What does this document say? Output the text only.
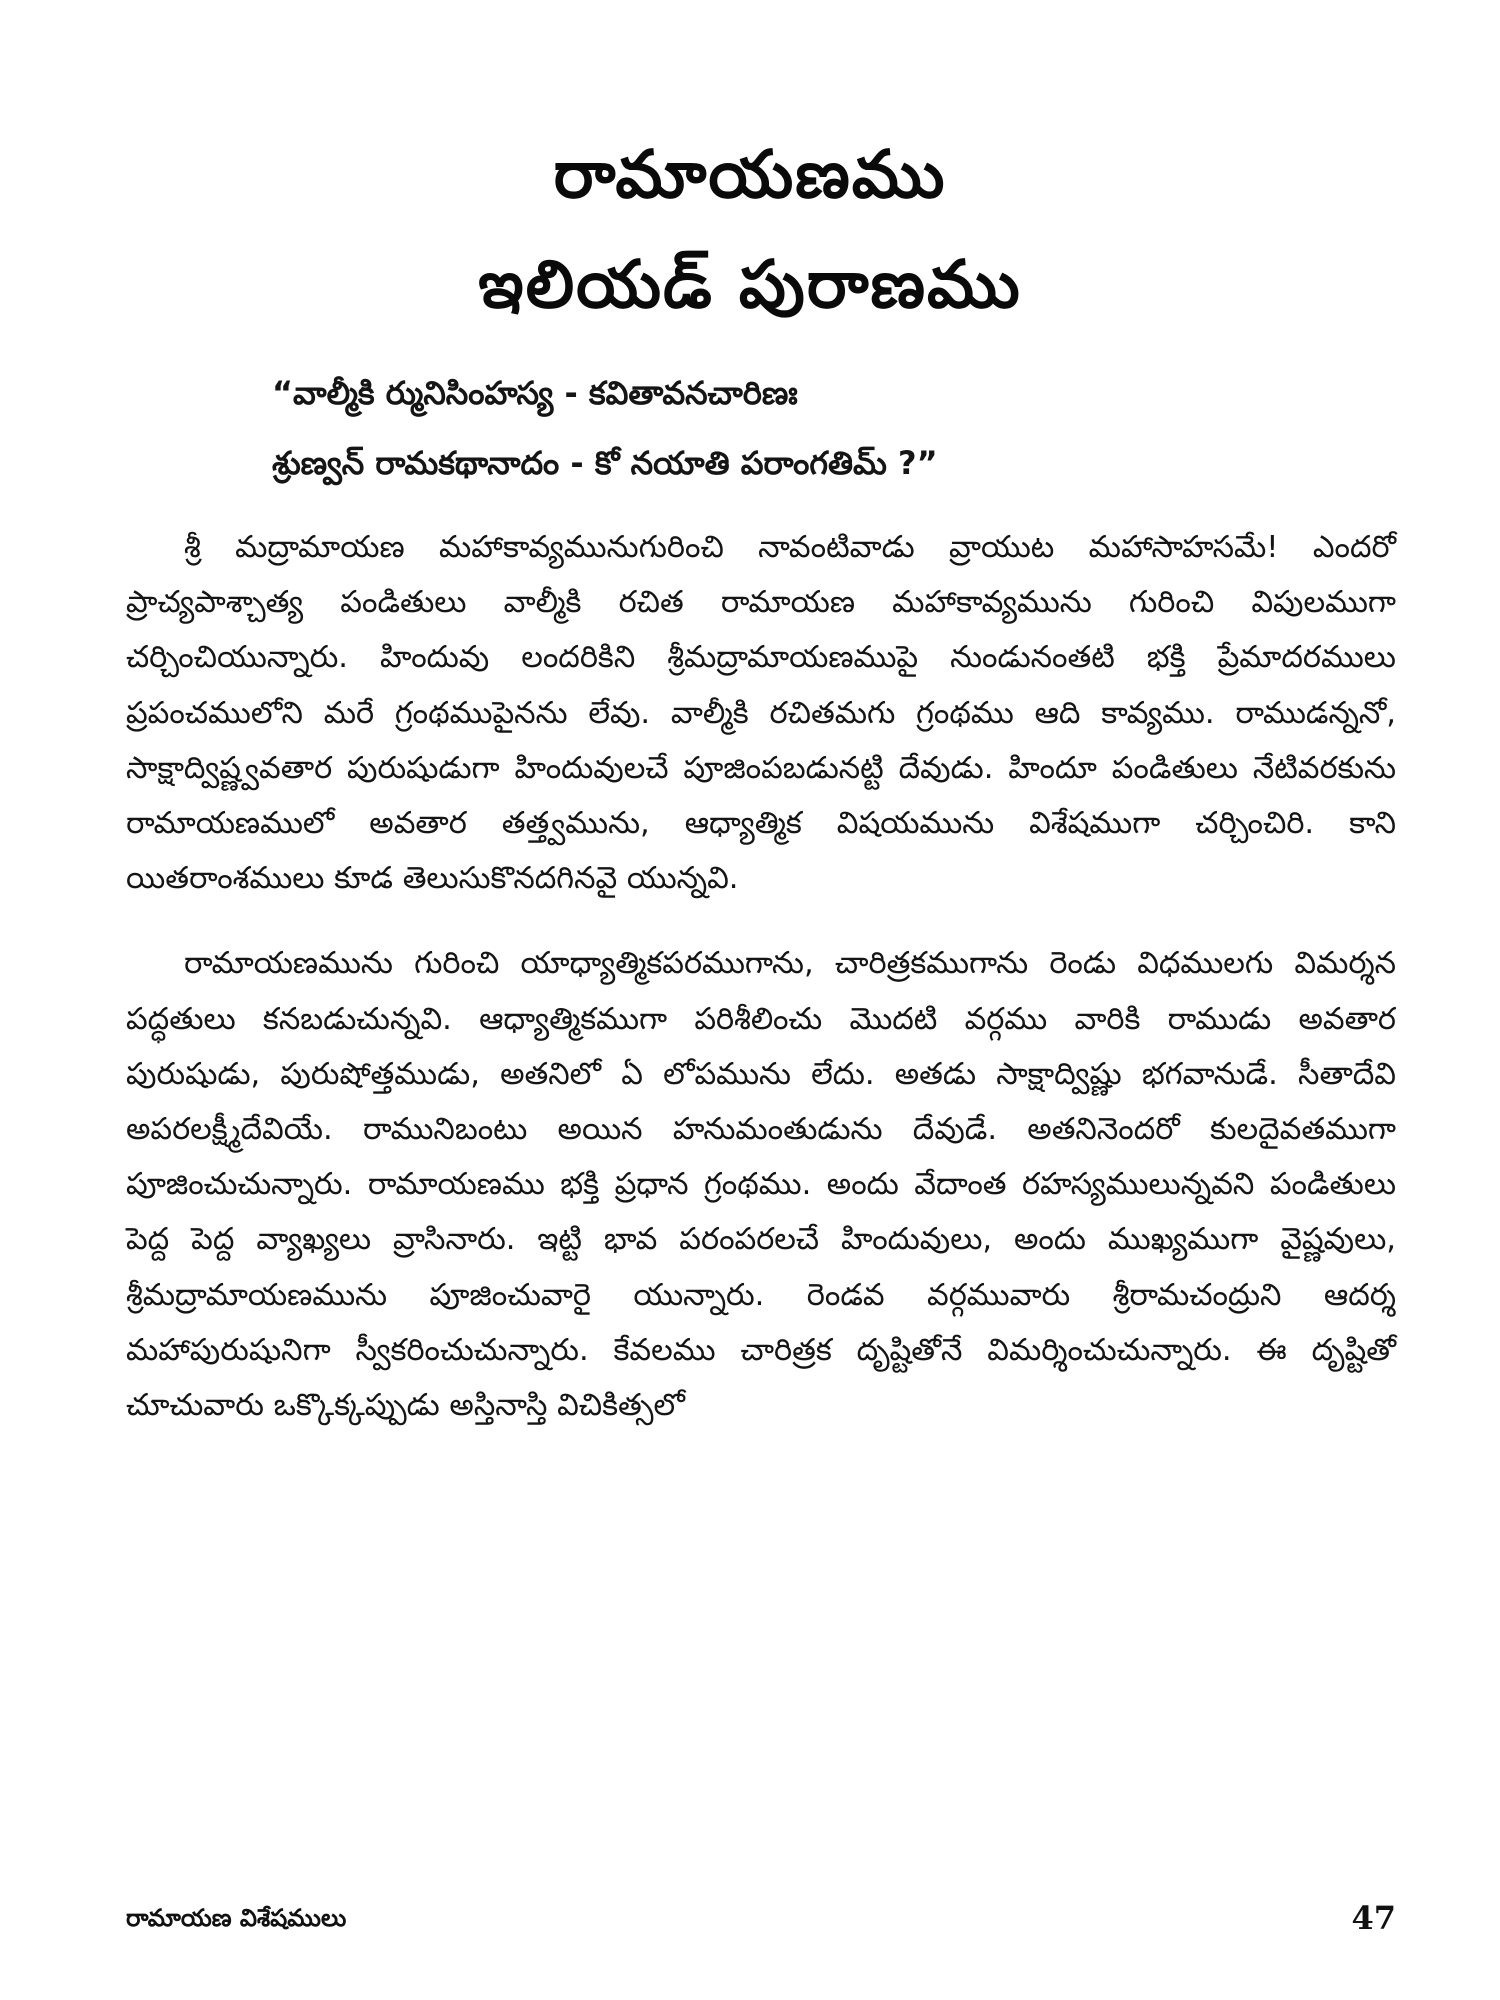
రామాయణము
ఇలియడ్ పురాణము
“వాల్మీకి ర్మునిసింహస్య - కవితావనచారిణః
శ్రుణ్వన్ రామకథానాదం - కో నయాతి పరాంగతిమ్ ?”

శ్రీ మద్రామాయణ మహాకావ్యమునుగురించి నావంటివాడు వ్రాయుట మహాసాహసమే! ఎందరో ప్రాచ్యపాశ్చాత్య పండితులు వాల్మీకి రచిత రామాయణ మహాకావ్యమును గురించి విపులముగా చర్చించియున్నారు. హిందువు లందరికిని శ్రీమద్రామాయణముపై నుండునంతటి భక్తి ప్రేమాదరములు ప్రపంచములోని మరే గ్రంథముపైనను లేవు. వాల్మీకి రచితమగు గ్రంథము ఆది కావ్యము. రాముడన్ననో, సాక్షాద్విష్ణ్వవతార పురుషుడుగా హిందువులచే పూజింపబడునట్టి దేవుడు. హిందూ పండితులు నేటివరకును రామాయణములో అవతార తత్త్వమును, ఆధ్యాత్మిక విషయమును విశేషముగా చర్చించిరి. కాని యితరాంశములు కూడ తెలుసుకొనదగినవై యున్నవి.

రామాయణమును గురించి యాధ్యాత్మికపరముగాను, చారిత్రకముగాను రెండు విధములగు విమర్శన పద్ధతులు కనబడుచున్నవి. ఆధ్యాత్మికముగా పరిశీలించు మొదటి వర్గము వారికి రాముడు అవతార పురుషుడు, పురుషోత్తముడు, అతనిలో ఏ లోపమును లేదు. అతడు సాక్షాద్విష్ణు భగవానుడే. సీతాదేవి అపరలక్ష్మీదేవియే. రామునిబంటు అయిన హనుమంతుడును దేవుడే. అతనినెందరో కులదైవతముగా పూజించుచున్నారు. రామాయణము భక్తి ప్రధాన గ్రంథము. అందు వేదాంత రహస్యములున్నవని పండితులు పెద్ద పెద్ద వ్యాఖ్యలు వ్రాసినారు. ఇట్టి భావ పరంపరలచే హిందువులు, అందు ముఖ్యముగా వైష్ణవులు, శ్రీమద్రామాయణమును పూజించువారై యున్నారు. రెండవ వర్గమువారు శ్రీరామచంద్రుని ఆదర్శ మహాపురుషునిగా స్వీకరించుచున్నారు. కేవలము చారిత్రక దృష్టితోనే విమర్శించుచున్నారు. ఈ దృష్టితో చూచువారు ఒక్కొక్కప్పుడు అస్తినాస్తి విచికిత్సలో

రామాయణ విశేషములు	47
